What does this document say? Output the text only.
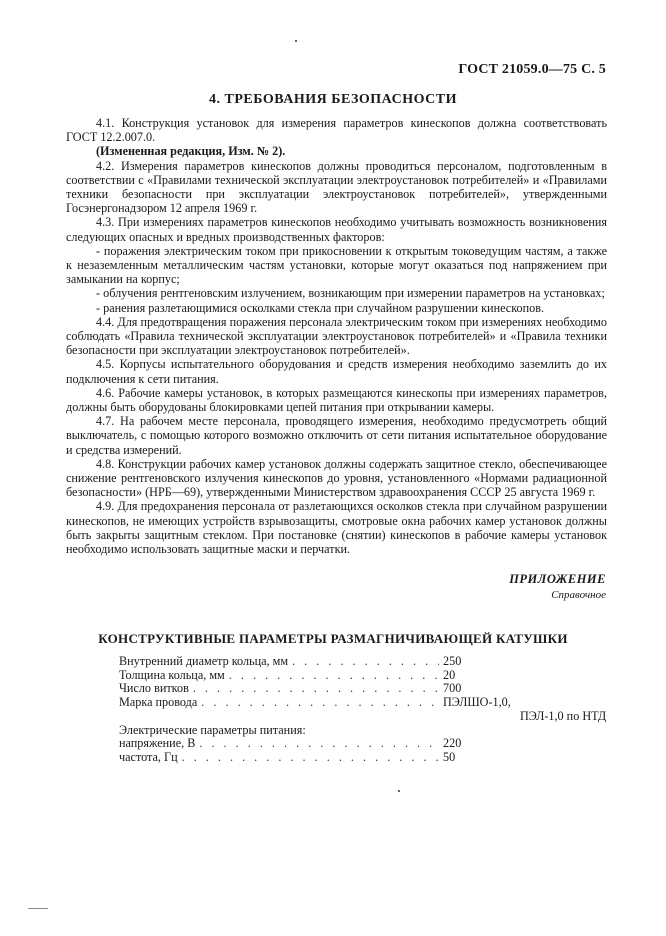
ГОСТ 21059.0—75 С. 5
4. ТРЕБОВАНИЯ БЕЗОПАСНОСТИ

4.1. Конструкция установок для измерения параметров кинескопов должна соответствовать ГОСТ 12.2.007.0.

(Измененная редакция, Изм. № 2).

4.2. Измерения параметров кинескопов должны проводиться персоналом, подготовленным в соответствии с «Правилами технической эксплуатации электроустановок потребителей» и «Правилами техники безопасности при эксплуатации электроустановок потребителей», утвержденными Госэнергонадзором 12 апреля 1969 г.

4.3. При измерениях параметров кинескопов необходимо учитывать возможность возникновения следующих опасных и вредных производственных факторов:

- поражения электрическим током при прикосновении к открытым токоведущим частям, а также к незаземленным металлическим частям установки, которые могут оказаться под напряжением при замыкании на корпус;

- облучения рентгеновским излучением, возникающим при измерении параметров на установках;

- ранения разлетающимися осколками стекла при случайном разрушении кинескопов.

4.4. Для предотвращения поражения персонала электрическим током при измерениях необходимо соблюдать «Правила технической эксплуатации электроустановок потребителей» и «Правила техники безопасности при эксплуатации электроустановок потребителей».

4.5. Корпусы испытательного оборудования и средств измерения необходимо заземлить до их подключения к сети питания.

4.6. Рабочие камеры установок, в которых размещаются кинескопы при измерениях параметров, должны быть оборудованы блокировками цепей питания при открывании камеры.

4.7. На рабочем месте персонала, проводящего измерения, необходимо предусмотреть общий выключатель, с помощью которого возможно отключить от сети питания испытательное оборудование и средства измерений.

4.8. Конструкции рабочих камер установок должны содержать защитное стекло, обеспечивающее снижение рентгеновского излучения кинескопов до уровня, установленного «Нормами радиационной безопасности» (НРБ—69), утвержденными Министерством здравоохранения СССР 25 августа 1969 г.

4.9. Для предохранения персонала от разлетающихся осколков стекла при случайном разрушении кинескопов, не имеющих устройств взрывозащиты, смотровые окна рабочих камер установок должны быть закрыты защитным стеклом. При постановке (снятии) кинескопов в рабочие камеры установок необходимо использовать защитные маски и перчатки.

ПРИЛОЖЕНИЕ
Справочное
КОНСТРУКТИВНЫЕ ПАРАМЕТРЫ РАЗМАГНИЧИВАЮЩЕЙ КАТУШКИ
Внутренний диаметр кольца, мм . . .	250
Толщина кольца, мм . . .	20
Число витков . . .	700
Марка провода . . .	ПЭЛШО-1,0,
ПЭЛ-1,0 по НТД
Электрические параметры питания:
напряжение, В . . .	220
частота, Гц . . .	50
